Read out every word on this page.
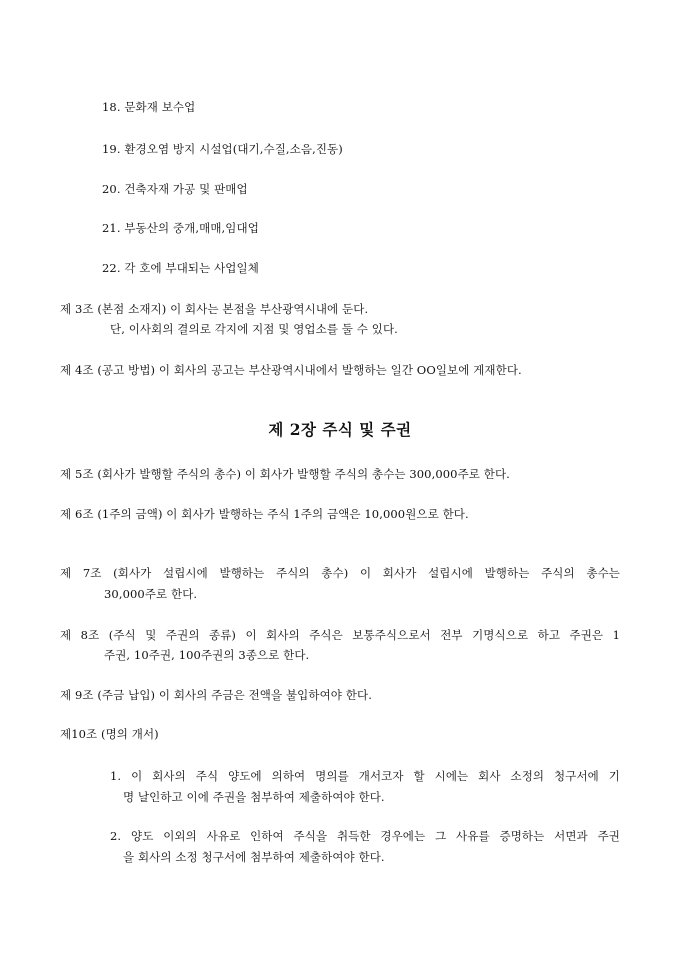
18. 문화재 보수업
19. 환경오염 방지 시설업(대기,수질,소음,진동)
20. 건축자재 가공 및 판매업
21. 부동산의 중개,매매,임대업
22. 각 호에 부대되는 사업일체
제 3조 (본점 소재지) 이 회사는 본점을 부산광역시내에 둔다.
단, 이사회의 결의로 각지에 지점 및 영업소를 둘 수 있다.
제 4조 (공고 방법) 이 회사의 공고는 부산광역시내에서 발행하는 일간 OO일보에 게재한다.
제 2장 주식 및 주권
제 5조 (회사가 발행할 주식의 총수) 이 회사가 발행할 주식의 총수는 300,000주로 한다.
제 6조 (1주의 금액) 이 회사가 발행하는 주식 1주의 금액은 10,000원으로 한다.
제 7조 (회사가 설립시에 발행하는 주식의 총수) 이 회사가 설립시에 발행하는 주식의 총수는
30,000주로 한다.
제 8조 (주식 및 주권의 종류) 이 회사의 주식은 보통주식으로서 전부 기명식으로 하고 주권은 1
주권, 10주권, 100주권의 3종으로 한다.
제 9조 (주금 납입) 이 회사의 주금은 전액을 불입하여야 한다.
제10조 (명의 개서)
1. 이 회사의 주식 양도에 의하여 명의를 개서코자 할 시에는 회사 소정의 청구서에 기
명 날인하고 이에 주권을 첨부하여 제출하여야 한다.
2. 양도 이외의 사유로 인하여 주식을 취득한 경우에는 그 사유를 증명하는 서면과 주권
을 회사의 소정 청구서에 첨부하여 제출하여야 한다.
